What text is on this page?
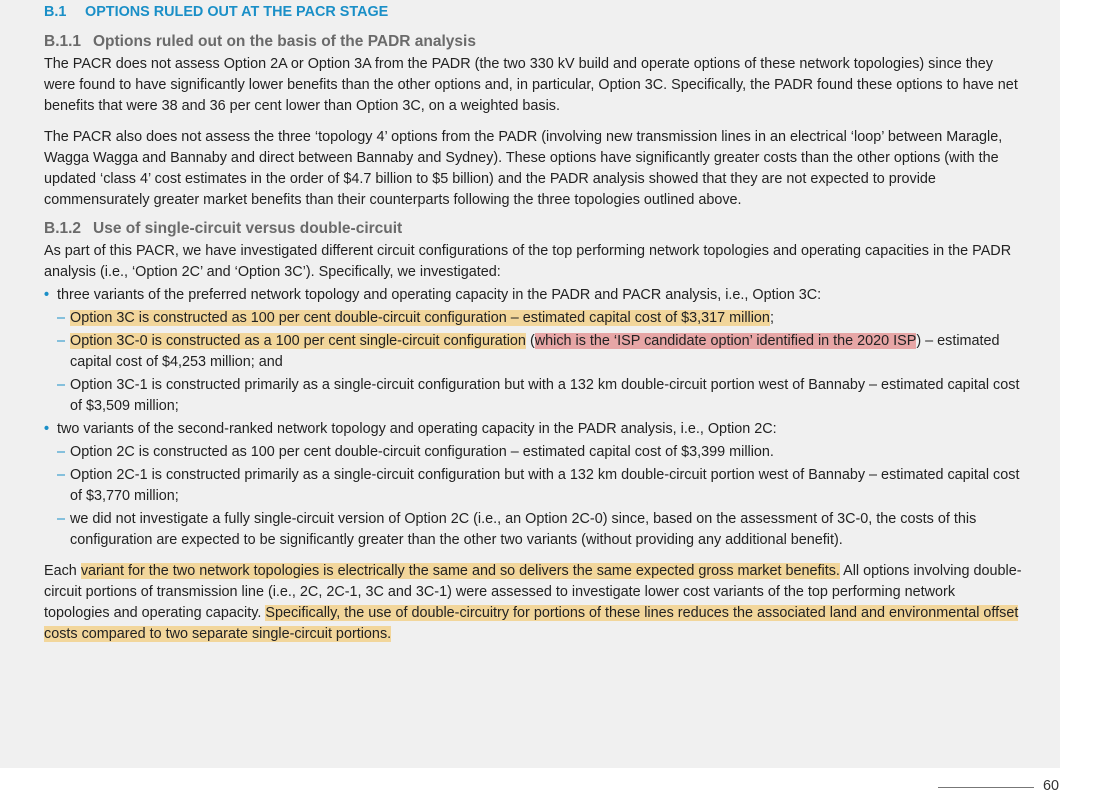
B.1 OPTIONS RULED OUT AT THE PACR STAGE
B.1.1 Options ruled out on the basis of the PADR analysis

The PACR does not assess Option 2A or Option 3A from the PADR (the two 330 kV build and operate options of these network topologies) since they were found to have significantly lower benefits than the other options and, in particular, Option 3C. Specifically, the PADR found these options to have net benefits that were 38 and 36 per cent lower than Option 3C, on a weighted basis.

The PACR also does not assess the three ‘topology 4’ options from the PADR (involving new transmission lines in an electrical ‘loop’ between Maragle, Wagga Wagga and Bannaby and direct between Bannaby and Sydney). These options have significantly greater costs than the other options (with the updated ‘class 4’ cost estimates in the order of $4.7 billion to $5 billion) and the PADR analysis showed that they are not expected to provide commensurately greater market benefits than their counterparts following the three topologies outlined above.

B.1.2 Use of single-circuit versus double-circuit

As part of this PACR, we have investigated different circuit configurations of the top performing network topologies and operating capacities in the PADR analysis (i.e., ‘Option 2C’ and ‘Option 3C’). Specifically, we investigated:

• three variants of the preferred network topology and operating capacity in the PADR and PACR analysis, i.e., Option 3C:
– Option 3C is constructed as 100 per cent double-circuit configuration – estimated capital cost of $3,317 million;
– Option 3C-0 is constructed as a 100 per cent single-circuit configuration (which is the ‘ISP candidate option’ identified in the 2020 ISP) – estimated capital cost of $4,253 million; and
– Option 3C-1 is constructed primarily as a single-circuit configuration but with a 132 km double-circuit portion west of Bannaby – estimated capital cost of $3,509 million;
• two variants of the second-ranked network topology and operating capacity in the PADR analysis, i.e., Option 2C:
– Option 2C is constructed as 100 per cent double-circuit configuration – estimated capital cost of $3,399 million.
– Option 2C-1 is constructed primarily as a single-circuit configuration but with a 132 km double-circuit portion west of Bannaby – estimated capital cost of $3,770 million;
– we did not investigate a fully single-circuit version of Option 2C (i.e., an Option 2C-0) since, based on the assessment of 3C-0, the costs of this configuration are expected to be significantly greater than the other two variants (without providing any additional benefit).

Each variant for the two network topologies is electrically the same and so delivers the same expected gross market benefits. All options involving double-circuit portions of transmission line (i.e., 2C, 2C-1, 3C and 3C-1) were assessed to investigate lower cost variants of the top performing network topologies and operating capacity. Specifically, the use of double-circuitry for portions of these lines reduces the associated land and environmental offset costs compared to two separate single-circuit portions.

60
